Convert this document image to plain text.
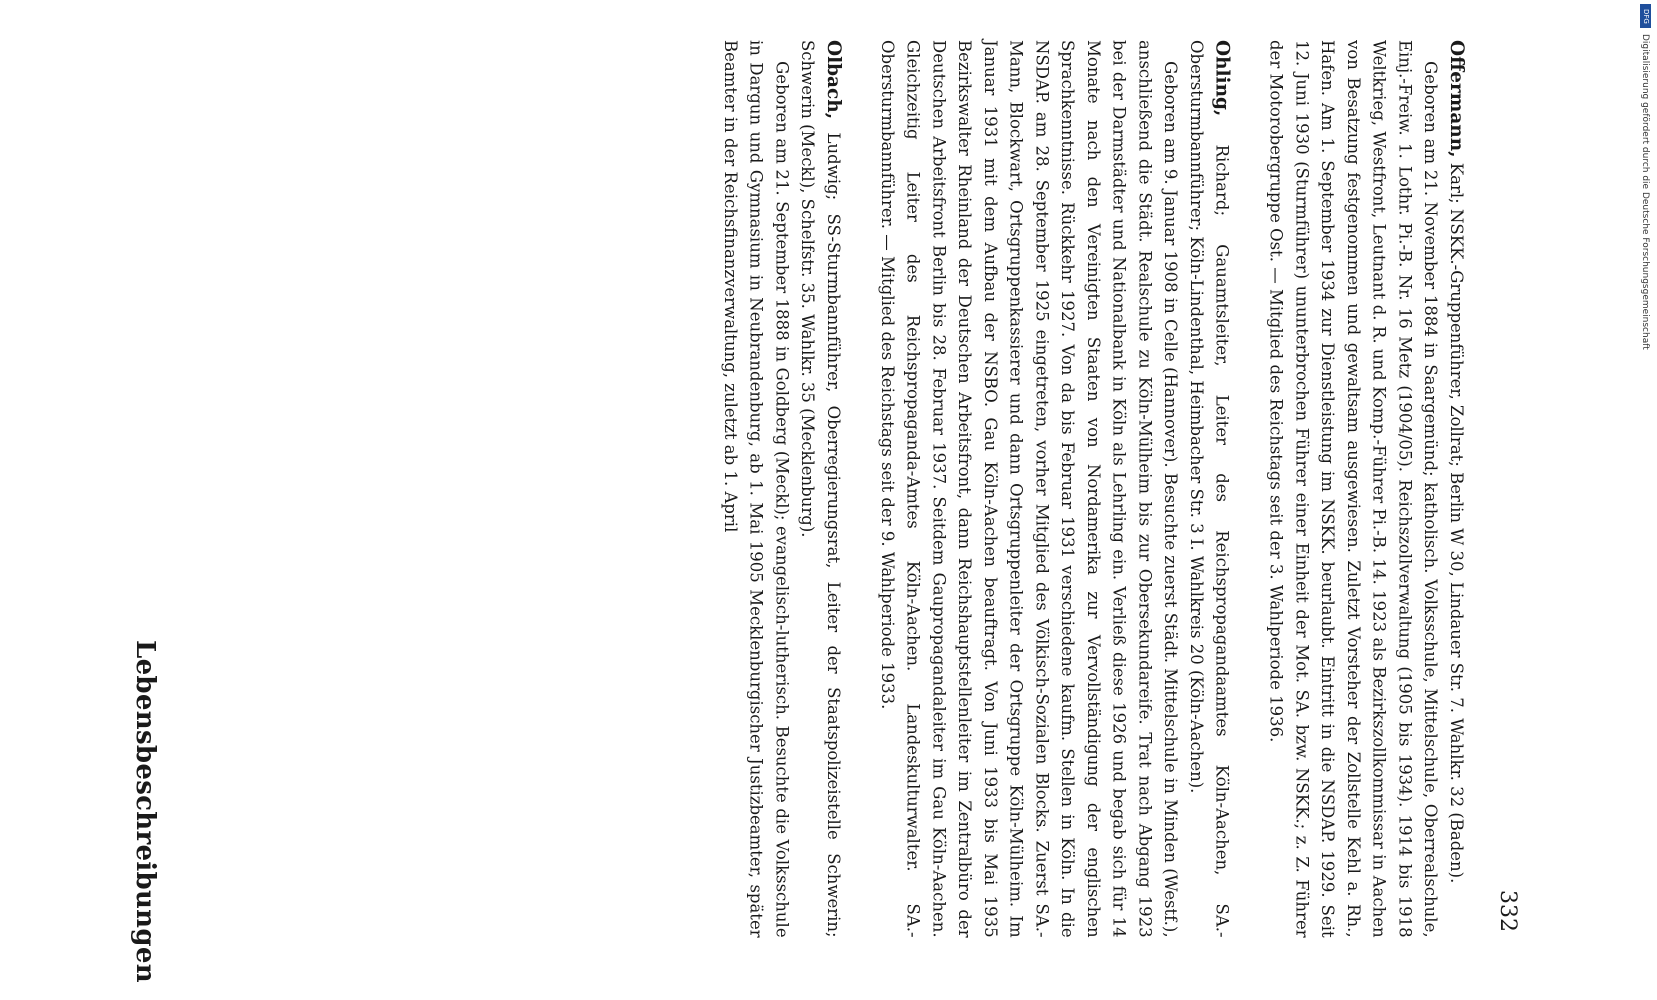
Lebensbeschreibungen	332

Offermann, Karl; NSKK.-Gruppenführer, Zollrat; Berlin W 30, Lindauer Str. 7. Wahlkr. 32 (Baden).

Geboren am 21. November 1884 in Saargemünd; katholisch. Volksschule, Mittelschule, Oberrealschule, Einj.-Freiw. 1. Lothr. Pi.-B. Nr. 16 Metz (1904/05). Reichszollverwaltung (1905 bis 1934). 1914 bis 1918 Weltkrieg, Westfront, Leutnant d. R. und Komp.-Führer Pi.-B. 14. 1923 als Bezirkszollkommissar in Aachen von Besatzung festgenommen und gewaltsam ausgewiesen. Zuletzt Vorsteher der Zollstelle Kehl a. Rh., Hafen. Am 1. September 1934 zur Dienstleistung im NSKK. beurlaubt. Eintritt in die NSDAP. 1929. Seit 12. Juni 1930 (Sturmführer) ununterbrochen Führer einer Einheit der Mot. SA. bzw. NSKK.; z. Z. Führer der Motorobergruppe Ost. — Mitglied des Reichstags seit der 3. Wahlperiode 1936.

Ohling, Richard; Gauamtsleiter, Leiter des Reichspropagandaamtes Köln-Aachen, SA.-Obersturmbannführer; Köln-Lindenthal, Heimbacher Str. 3 I. Wahlkreis 20 (Köln-Aachen).

Geboren am 9. Januar 1908 in Celle (Hannover). Besuchte zuerst Städt. Mittelschule in Minden (Westf.), anschließend die Städt. Realschule zu Köln-Mülheim bis zur Obersekundareife. Trat nach Abgang 1923 bei der Darmstädter und Nationalbank in Köln als Lehrling ein. Verließ diese 1926 und begab sich für 14 Monate nach den Vereinigten Staaten von Nordamerika zur Vervollständigung der englischen Sprachkenntnisse. Rückkehr 1927. Von da bis Februar 1931 verschiedene kaufm. Stellen in Köln. In die NSDAP. am 28. September 1925 eingetreten, vorher Mitglied des Völkisch-Sozialen Blocks. Zuerst SA.-Mann, Blockwart, Ortsgruppenkassierer und dann Ortsgruppenleiter der Ortsgruppe Köln-Mülheim. Im Januar 1931 mit dem Aufbau der NSBO. Gau Köln-Aachen beauftragt. Von Juni 1933 bis Mai 1935 Bezirkswalter Rheinland der Deutschen Arbeitsfront, dann Reichshauptstellenleiter im Zentralbüro der Deutschen Arbeitsfront Berlin bis 28. Februar 1937. Seitdem Gaupropagandaleiter im Gau Köln-Aachen. Gleichzeitig Leiter des Reichspropaganda-Amtes Köln-Aachen. Landeskulturwalter. SA.-Obersturmbannführer. — Mitglied des Reichstags seit der 9. Wahlperiode 1933.

Olbach, Ludwig; SS-Sturmbannführer, Oberregierungsrat, Leiter der Staatspolizeistelle Schwerin; Schwerin (Meckl), Schelfstr. 35. Wahlkr. 35 (Mecklenburg).

Geboren am 21. September 1888 in Goldberg (Meckl); evangelisch-lutherisch. Besuchte die Volksschule in Dargun und Gymnasium in Neubrandenburg, ab 1. Mai 1905 Mecklenburgischer Justizbeamter, später Beamter in der Reichsfinanzverwaltung, zuletzt ab 1. April

DFG
Digitalisierung gefördert durch die Deutsche Forschungsgemeinschaft
